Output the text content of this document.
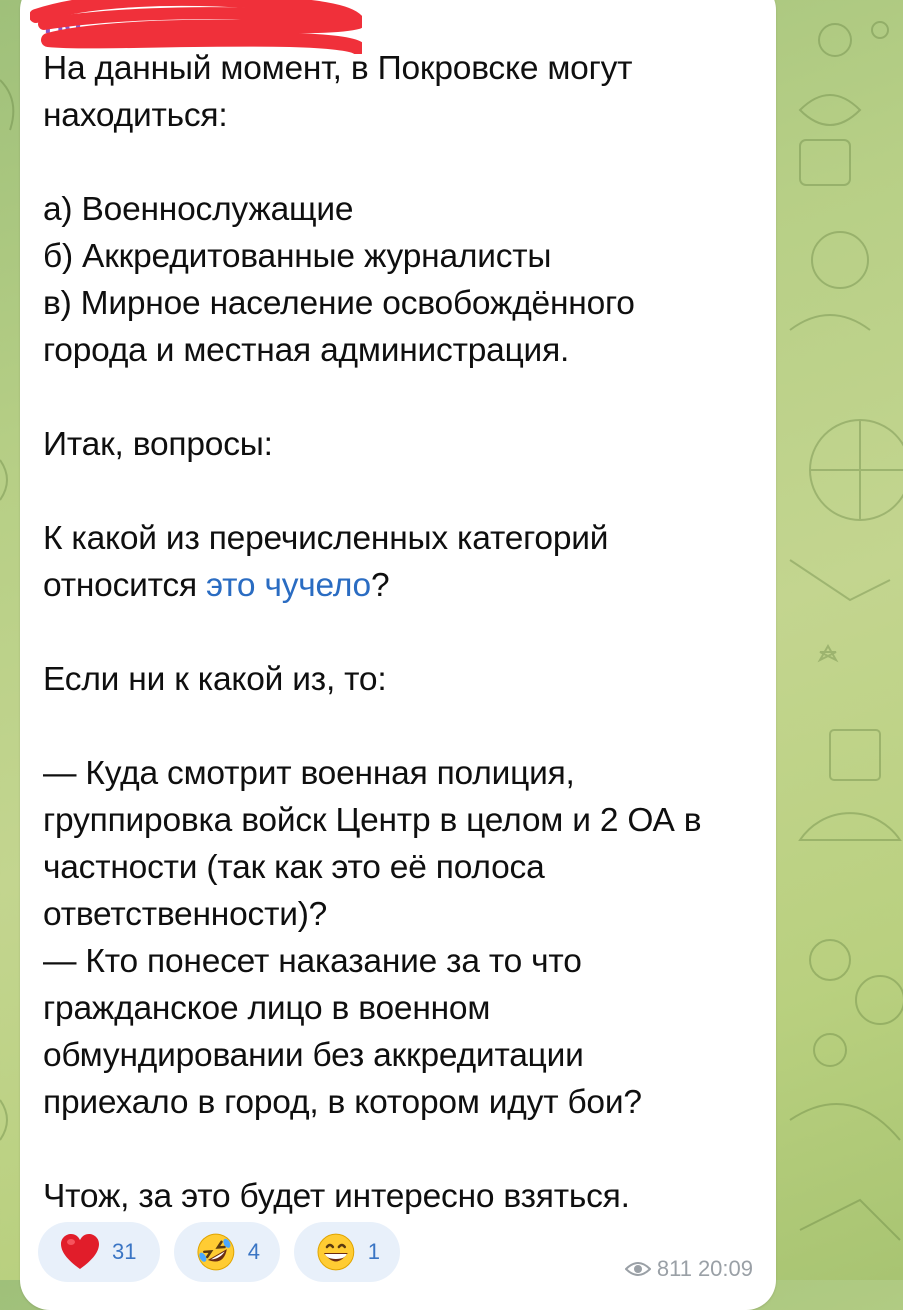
По...
На данный момент, в Покровске могут
находиться:

а) Военнослужащие
б) Аккредитованные журналисты
в) Мирное население освобождённого
города и местная администрация.

Итак, вопросы:

К какой из перечисленных категорий
относится это чучело?

Если ни к какой из, то:

— Куда смотрит военная полиция,
группировка войск Центр в целом и 2 ОА в
частности (так как это её полоса
ответственности)?
— Кто понесет наказание за то что
гражданское лицо в военном
обмундировании без аккредитации
приехало в город, в котором идут бои?

Чтож, за это будет интересно взяться.
31	4	1
811 20:09
